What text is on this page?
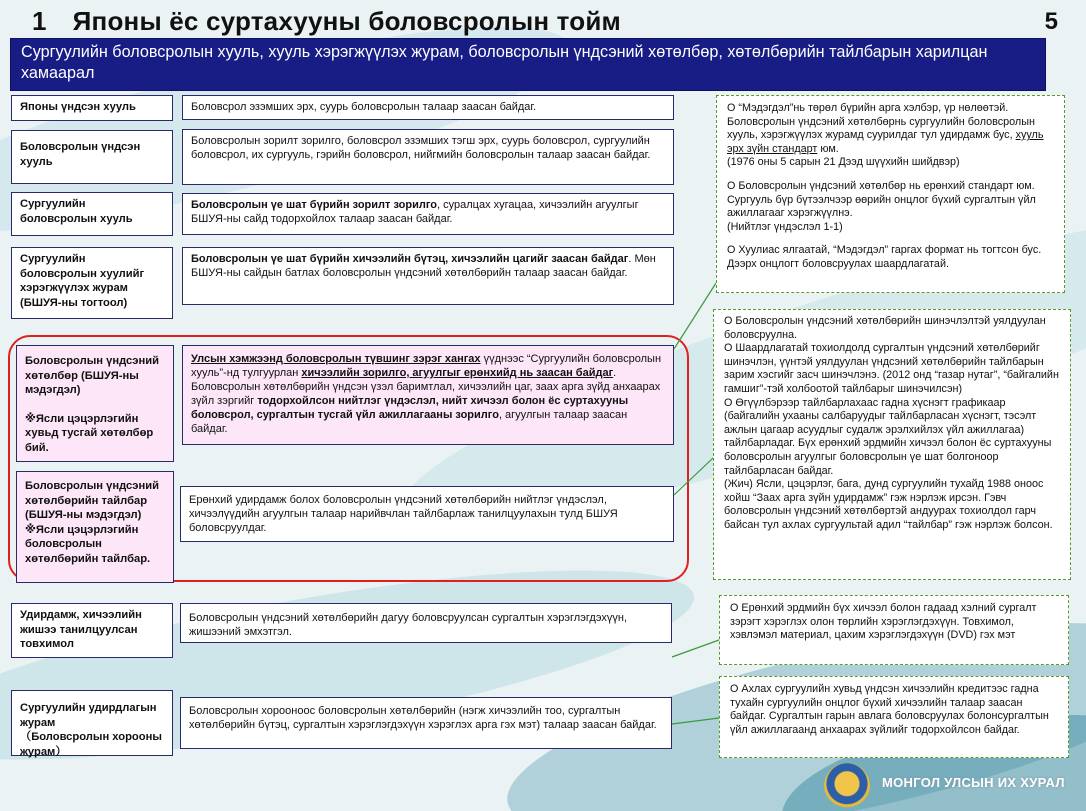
1 Японы ёс суртахууны боловсролын тойм	5
Сургуулийн боловсролын хууль, хууль хэрэгжүүлэх журам, боловсролын үндсэний хөтөлбөр, хөтөлбөрийн тайлбарын харилцан хамаарал
Японы үндсэн хууль	Боловсрол эзэмших эрх, суурь боловсролын талаар заасан байдаг.
Боловсролын үндсэн хууль
Боловсролын зорилт зорилго, боловсрол эзэмших тэгш эрх, суурь боловсрол, сургуулийн боловсрол, их сургууль, гэрийн боловсрол, нийгмийн боловсролын талаар заасан байдаг.
Сургуулийн боловсролын хууль
Боловсролын үе шат бүрийн зорилт зорилго, суралцах хугацаа, хичээлийн агуулгыг БШУЯ-ны сайд тодорхойлох талаар заасан байдаг.
Сургуулийн боловсролын хуулийг хэрэгжүүлэх журам (БШУЯ-ны тогтоол)
Боловсролын үе шат бүрийн хичээлийн бүтэц, хичээлийн цагийг заасан байдаг. Мөн БШУЯ-ны сайдын батлах боловсролын үндсэний хөтөлбөрийн талаар заасан байдаг.
Боловсролын үндсэний хөтөлбөр (БШУЯ-ны мэдэгдэл)
※Ясли цэцэрлэгийн хувьд тусгай хөтөлбөр бий.
Улсын хэмжээнд боловсролын түвшинг зэрэг хангах үүднээс “Сургуулийн боловсролын хууль”-нд тулгуурлан хичээлийн зорилго, агуулгыг ерөнхийд нь заасан байдаг. Боловсролын хөтөлбөрийн үндсэн үзэл баримтлал, хичээлийн цаг, заах арга зүйд анхаарах зүйл зэргийг тодорхойлсон нийтлэг үндэслэл, нийт хичээл болон ёс суртахууны боловсрол, сургалтын тусгай үйл ажиллагааны зорилго, агуулгын талаар заасан байдаг.
Боловсролын үндсэний хөтөлбөрийн тайлбар (БШУЯ-ны мэдэгдэл)
※Ясли цэцэрлэгийн боловсролын хөтөлбөрийн тайлбар.
Ерөнхий удирдамж болох боловсролын үндсэний хөтөлбөрийн нийтлэг үндэслэл, хичээлүүдийн агуулгын талаар нарийвчлан тайлбарлаж танилцуулахын тулд БШУЯ боловсруулдаг.
Удирдамж, хичээлийн жишээ танилцуулсан товхимол
Боловсролын үндсэний хөтөлбөрийн дагуу боловсруулсан сургалтын хэрэглэгдэхүүн, жишээний эмхэтгэл.
Сургуулийн удирдлагын журам
（Боловсролын хорооны журам）
Боловсролын хорооноос боловсролын хөтөлбөрийн (нэгж хичээлийн тоо, сургалтын хөтөлбөрийн бүтэц, сургалтын хэрэглэгдэхүүн хэрэглэх арга гэх мэт) талаар заасан байдаг.

О “Мэдэгдэл”нь төрөл бүрийн арга хэлбэр, үр нөлөөтэй. Боловсролын үндсэний хөтөлбөрнь сургуулийн боловсролын хууль, хэрэгжүүлэх журамд суурилдаг тул удирдамж бус, хууль эрх зүйн стандарт юм.

(1976 оны 5 сарын 21 Дээд шүүхийн шийдвэр)

О Боловсролын үндсэний хөтөлбөр нь ерөнхий стандарт юм. Сургууль бүр бүтээлчээр өөрийн онцлог бүхий сургалтын үйл ажиллагааг хэрэгжүүлнэ.

(Нийтлэг үндэслэл 1-1)

О Хуулиас ялгаатай, “Мэдэгдэл” гаргах формат нь тогтсон бус. Дээрх онцлогт боловсруулах шаардлагатай.

О Боловсролын үндсэний хөтөлбөрийн шинэчлэлтэй уялдуулан боловсруулна.

О Шаардлагатай тохиолдолд сургалтын үндсэний хөтөлбөрийг шинэчлэн, үүнтэй уялдуулан үндсэний хөтөлбөрийн тайлбарын зарим хэсгийг засч шинэчлэнэ. (2012 онд “газар нутаг”, “байгалийн гамшиг”-тэй холбоотой тайлбарыг шинэчилсэн)

О Өгүүлбэрээр тайлбарлахаас гадна хүснэгт графикаар (байгалийн ухааны салбаруудыг тайлбарласан хүснэгт, тэсэлт ажлын цагаар асуудлыг судалж эрэлхийлэх үйл ажиллагаа) тайлбарладаг. Бүх ерөнхий эрдмийн хичээл болон ёс суртахууны боловсролын агуулгыг боловсролын үе шат болгоноор тайлбарласан байдаг.

(Жич) Ясли, цэцэрлэг, бага, дунд сургуулийн тухайд 1988 оноос хойш “Заах арга зүйн удирдамж” гэж нэрлэж ирсэн. Гэвч боловсролын үндсэний хөтөлбөртэй андуурах тохиолдол гарч байсан тул ахлах сургуультай адил “тайлбар” гэж нэрлэж болсон.

О Ерөнхий эрдмийн бүх хичээл болон гадаад хэлний сургалт зэрэгт хэрэглэх олон төрлийн хэрэглэгдэхүүн. Товхимол, хэвлэмэл материал, цахим хэрэглэгдэхүүн (DVD) гэх мэт

О Ахлах сургуулийн хувьд үндсэн хичээлийн кредитээс гадна тухайн сургуулийн онцлог бүхий хичээлийн талаар заасан байдаг. Сургалтын гарын авлага боловсруулах болонсургалтын үйл ажиллагаанд анхаарах зүйлийг тодорхойлсон байдаг.

МОНГОЛ УЛСЫН ИХ ХУРАЛ
